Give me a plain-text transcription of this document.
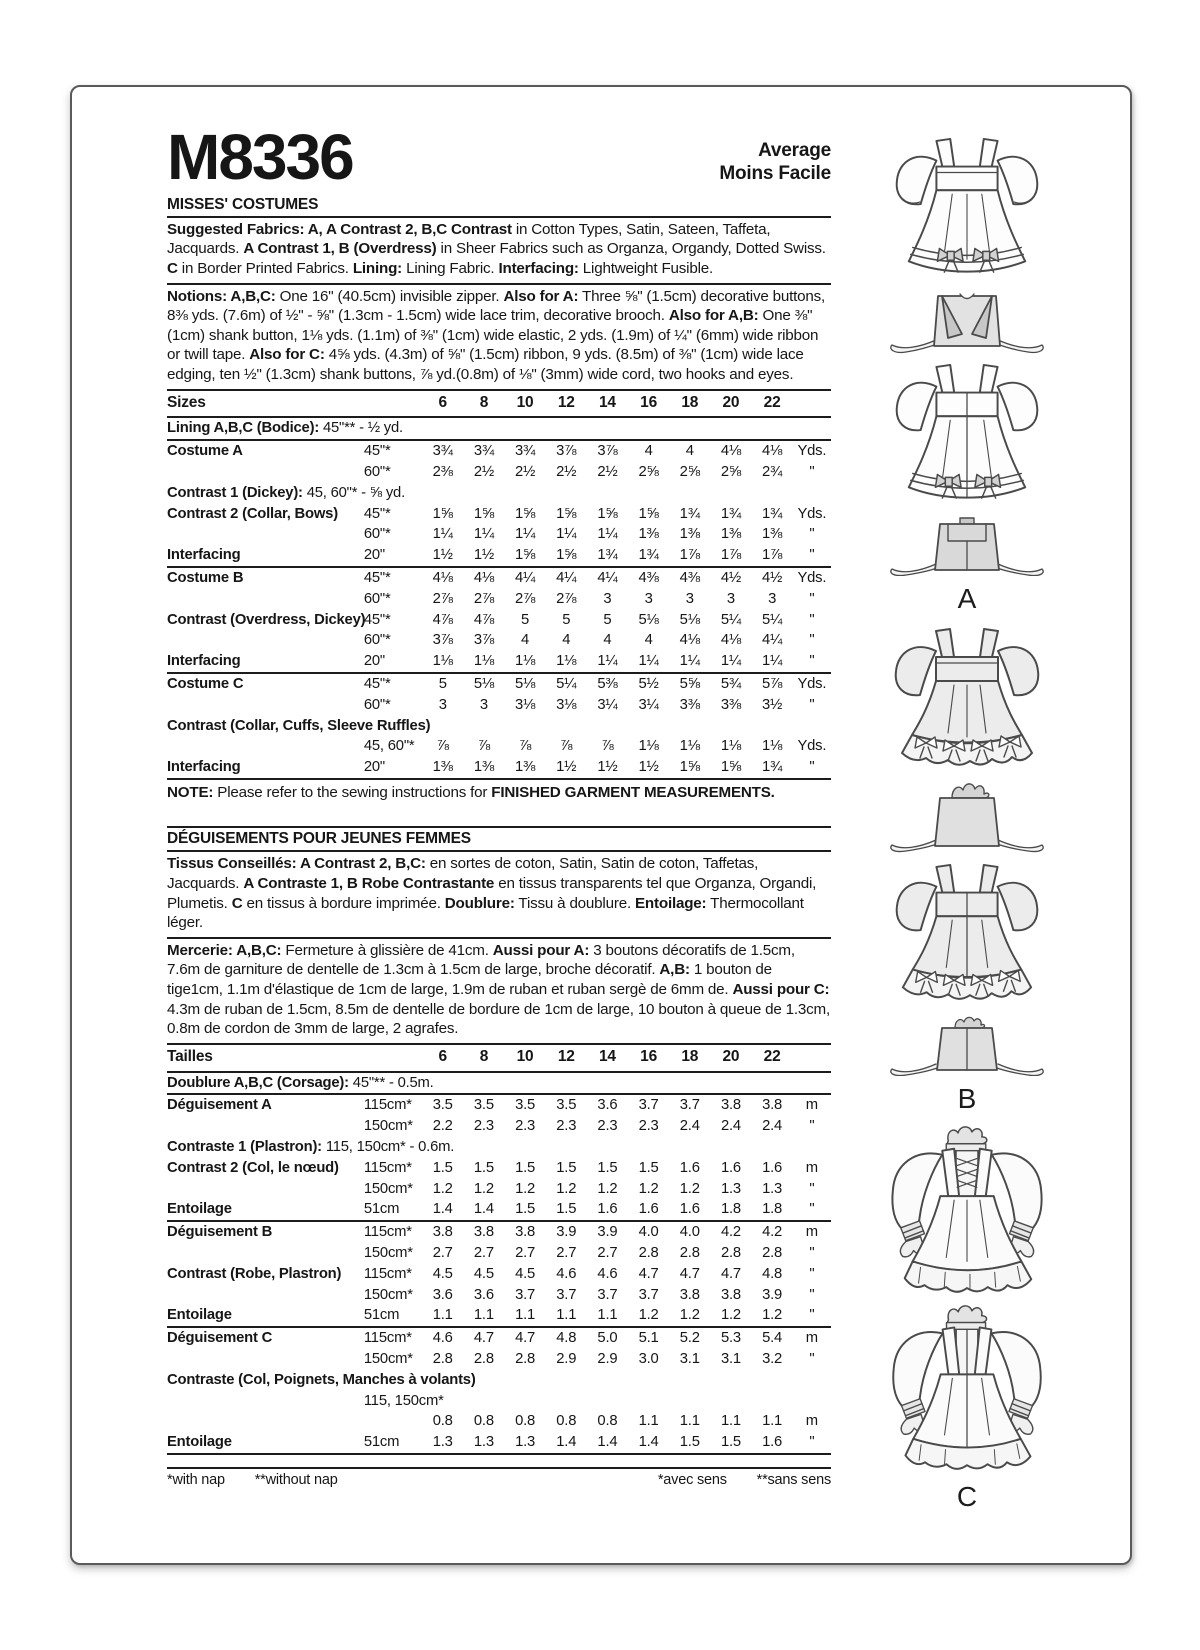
M8336	Average
Moins Facile
MISSES' COSTUMES

Suggested Fabrics: A, A Contrast 2, B,C Contrast in Cotton Types, Satin, Sateen, Taffeta, Jacquards. A Contrast 1, B (Overdress) in Sheer Fabrics such as Organza, Organdy, Dotted Swiss. C in Border Printed Fabrics. Lining: Lining Fabric. Interfacing: Lightweight Fusible.

Notions: A,B,C: One 16" (40.5cm) invisible zipper. Also for A: Three ⅝" (1.5cm) decorative buttons, 8⅜ yds. (7.6m) of ½" - ⅝" (1.3cm - 1.5cm) wide lace trim, decorative brooch. Also for A,B: One ⅜" (1cm) shank button, 1⅛ yds. (1.1m) of ⅜" (1cm) wide elastic, 2 yds. (1.9m) of ¼" (6mm) wide ribbon or twill tape. Also for C: 4⅝ yds. (4.3m) of ⅝" (1.5cm) ribbon, 9 yds. (8.5m) of ⅜" (1cm) wide lace edging, ten ½" (1.3cm) shank buttons, ⅞ yd.(0.8m) of ⅛" (3mm) wide cord, two hooks and eyes.

Sizes		6	8	10	12	14	16	18	20	22	
Lining A,B,C (Bodice): 45"** - ½ yd.											
Costume A	45"*	3¾	3¾	3¾	3⅞	3⅞	4	4	4⅛	4⅛	Yds.
	60"*	2⅜	2½	2½	2½	2½	2⅝	2⅝	2⅝	2¾	"
Contrast 1 (Dickey): 45, 60"* - ⅝ yd.											
Contrast 2 (Collar, Bows)	45"*	1⅝	1⅝	1⅝	1⅝	1⅝	1⅝	1¾	1¾	1¾	Yds.
	60"*	1¼	1¼	1¼	1¼	1¼	1⅜	1⅜	1⅜	1⅜	"
Interfacing	20"	1½	1½	1⅝	1⅝	1¾	1¾	1⅞	1⅞	1⅞	"
Costume B	45"*	4⅛	4⅛	4¼	4¼	4¼	4⅜	4⅜	4½	4½	Yds.
	60"*	2⅞	2⅞	2⅞	2⅞	3	3	3	3	3	"
Contrast (Overdress, Dickey)	45"*	4⅞	4⅞	5	5	5	5⅛	5⅛	5¼	5¼	"
	60"*	3⅞	3⅞	4	4	4	4	4⅛	4⅛	4¼	"
Interfacing	20"	1⅛	1⅛	1⅛	1⅛	1¼	1¼	1¼	1¼	1¼	"
Costume C	45"*	5	5⅛	5⅛	5¼	5⅜	5½	5⅝	5¾	5⅞	Yds.
	60"*	3	3	3⅛	3⅛	3¼	3¼	3⅜	3⅜	3½	"
Contrast (Collar, Cuffs, Sleeve Ruffles)											
	45, 60"*	⅞	⅞	⅞	⅞	⅞	1⅛	1⅛	1⅛	1⅛	Yds.
Interfacing	20"	1⅜	1⅜	1⅜	1½	1½	1½	1⅝	1⅝	1¾	"

NOTE: Please refer to the sewing instructions for FINISHED GARMENT MEASUREMENTS.

DÉGUISEMENTS POUR JEUNES FEMMES

Tissus Conseillés: A Contrast 2, B,C: en sortes de coton, Satin, Satin de coton, Taffetas, Jacquards. A Contraste 1, B Robe Contrastante en tissus transparents tel que Organza, Organdi, Plumetis. C en tissus à bordure imprimée. Doublure: Tissu à doublure. Entoilage: Thermocollant léger.

Mercerie: A,B,C: Fermeture à glissière de 41cm. Aussi pour A: 3 boutons décoratifs de 1.5cm, 7.6m de garniture de dentelle de 1.3cm à 1.5cm de large, broche décoratif. A,B: 1 bouton de tige1cm, 1.1m d'élastique de 1cm de large, 1.9m de ruban et ruban sergè de 6mm de. Aussi pour C: 4.3m de ruban de 1.5cm, 8.5m de dentelle de bordure de 1cm de large, 10 bouton à queue de 1.3cm, 0.8m de cordon de 3mm de large, 2 agrafes.

Tailles		6	8	10	12	14	16	18	20	22	
Doublure A,B,C (Corsage): 45"** - 0.5m.											
Déguisement A	115cm*	3.5	3.5	3.5	3.5	3.6	3.7	3.7	3.8	3.8	m
	150cm*	2.2	2.3	2.3	2.3	2.3	2.3	2.4	2.4	2.4	"
Contraste 1 (Plastron): 115, 150cm* - 0.6m.											
Contrast 2 (Col, le nœud)	115cm*	1.5	1.5	1.5	1.5	1.5	1.5	1.6	1.6	1.6	m
	150cm*	1.2	1.2	1.2	1.2	1.2	1.2	1.2	1.3	1.3	"
Entoilage	51cm	1.4	1.4	1.5	1.5	1.6	1.6	1.6	1.8	1.8	"
Déguisement B	115cm*	3.8	3.8	3.8	3.9	3.9	4.0	4.0	4.2	4.2	m
	150cm*	2.7	2.7	2.7	2.7	2.7	2.8	2.8	2.8	2.8	"
Contrast (Robe, Plastron)	115cm*	4.5	4.5	4.5	4.6	4.6	4.7	4.7	4.7	4.8	"
	150cm*	3.6	3.6	3.7	3.7	3.7	3.7	3.8	3.8	3.9	"
Entoilage	51cm	1.1	1.1	1.1	1.1	1.1	1.2	1.2	1.2	1.2	"
Déguisement C	115cm*	4.6	4.7	4.7	4.8	5.0	5.1	5.2	5.3	5.4	m
	150cm*	2.8	2.8	2.8	2.9	2.9	3.0	3.1	3.1	3.2	"
Contraste (Col, Poignets, Manches à volants)											
	115, 150cm*										
		0.8	0.8	0.8	0.8	0.8	1.1	1.1	1.1	1.1	m
Entoilage	51cm	1.3	1.3	1.3	1.4	1.4	1.4	1.5	1.5	1.6	"
*with nap **without nap	*avec sens **sans sens
A
B
C
